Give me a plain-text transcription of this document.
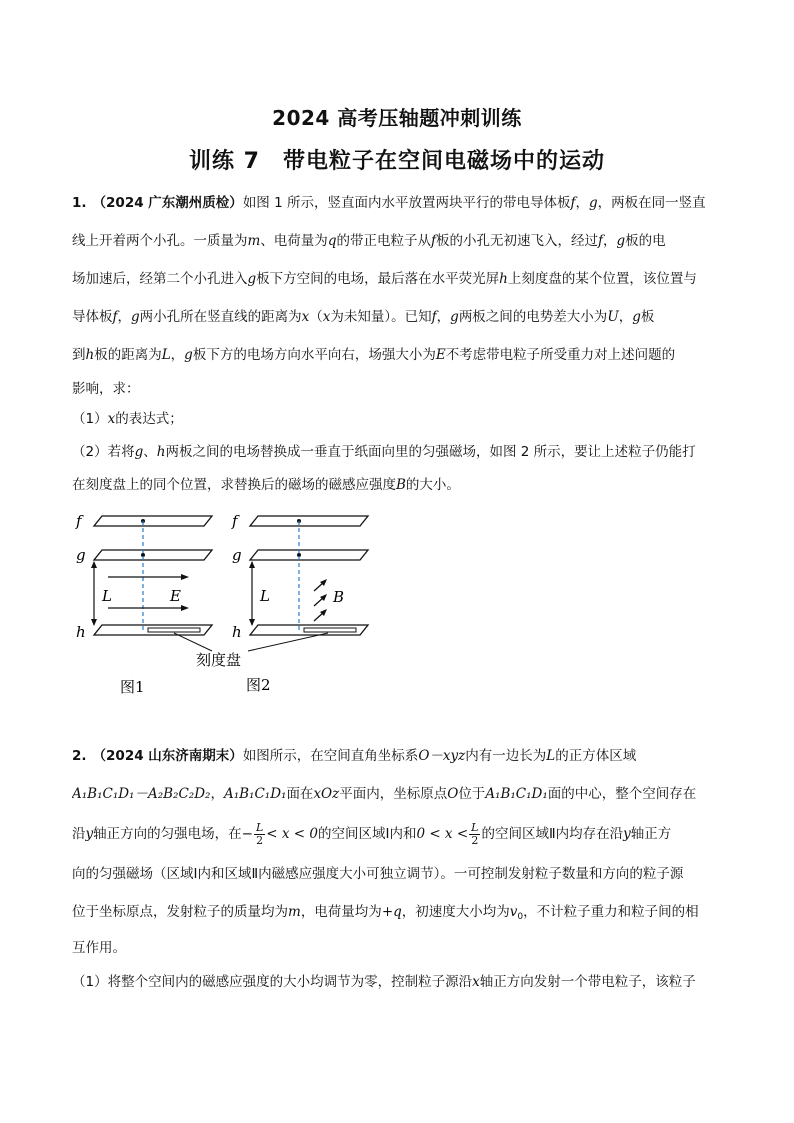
2024 高考压轴题冲刺训练
训练 7　带电粒子在空间电磁场中的运动
1. （2024 广东潮州质检）如图 1 所示，竖直面内水平放置两块平行的带电导体板f，g，两板在同一竖直
线上开着两个小孔。一质量为m、电荷量为q的带正电粒子从f板的小孔无初速飞入，经过f，g板的电
场加速后，经第二个小孔进入g板下方空间的电场，最后落在水平荧光屏h上刻度盘的某个位置，该位置与
导体板f，g两小孔所在竖直线的距离为x（x为未知量）。已知f，g两板之间的电势差大小为U，g板
到h板的距离为L，g板下方的电场方向水平向右，场强大小为E不考虑带电粒子所受重力对上述问题的
影响，求：
（1）x的表达式；
（2）若将g、h两板之间的电场替换成一垂直于纸面向里的匀强磁场，如图 2 所示，要让上述粒子仍能打
在刻度盘上的同个位置，求替换后的磁场的磁感应强度B的大小。
f
g
h
L	E
f
g
h
L	B
刻度盘
图1	图2
2. （2024 山东济南期末）如图所示，在空间直角坐标系O－xyz内有一边长为L的正方体区域
A₁B₁C₁D₁－A₂B₂C₂D₂，A₁B₁C₁D₁面在xOz平面内，坐标原点O位于A₁B₁C₁D₁面的中心，整个空间存在
沿y轴正方向的匀强电场，在− $\frac{L}{2} < x < 0$的空间区域Ⅰ内和$0 < x < \frac{L}{2}$ 的空间区域Ⅱ内均存在沿y轴正方
向的匀强磁场（区域Ⅰ内和区域Ⅱ内磁感应强度大小可独立调节）。一可控制发射粒子数量和方向的粒子源
位于坐标原点，发射粒子的质量均为m，电荷量均为+q，初速度大小均为$v_0$，不计粒子重力和粒子间的相
互作用。
（1）将整个空间内的磁感应强度的大小均调节为零，控制粒子源沿x轴正方向发射一个带电粒子，该粒子
